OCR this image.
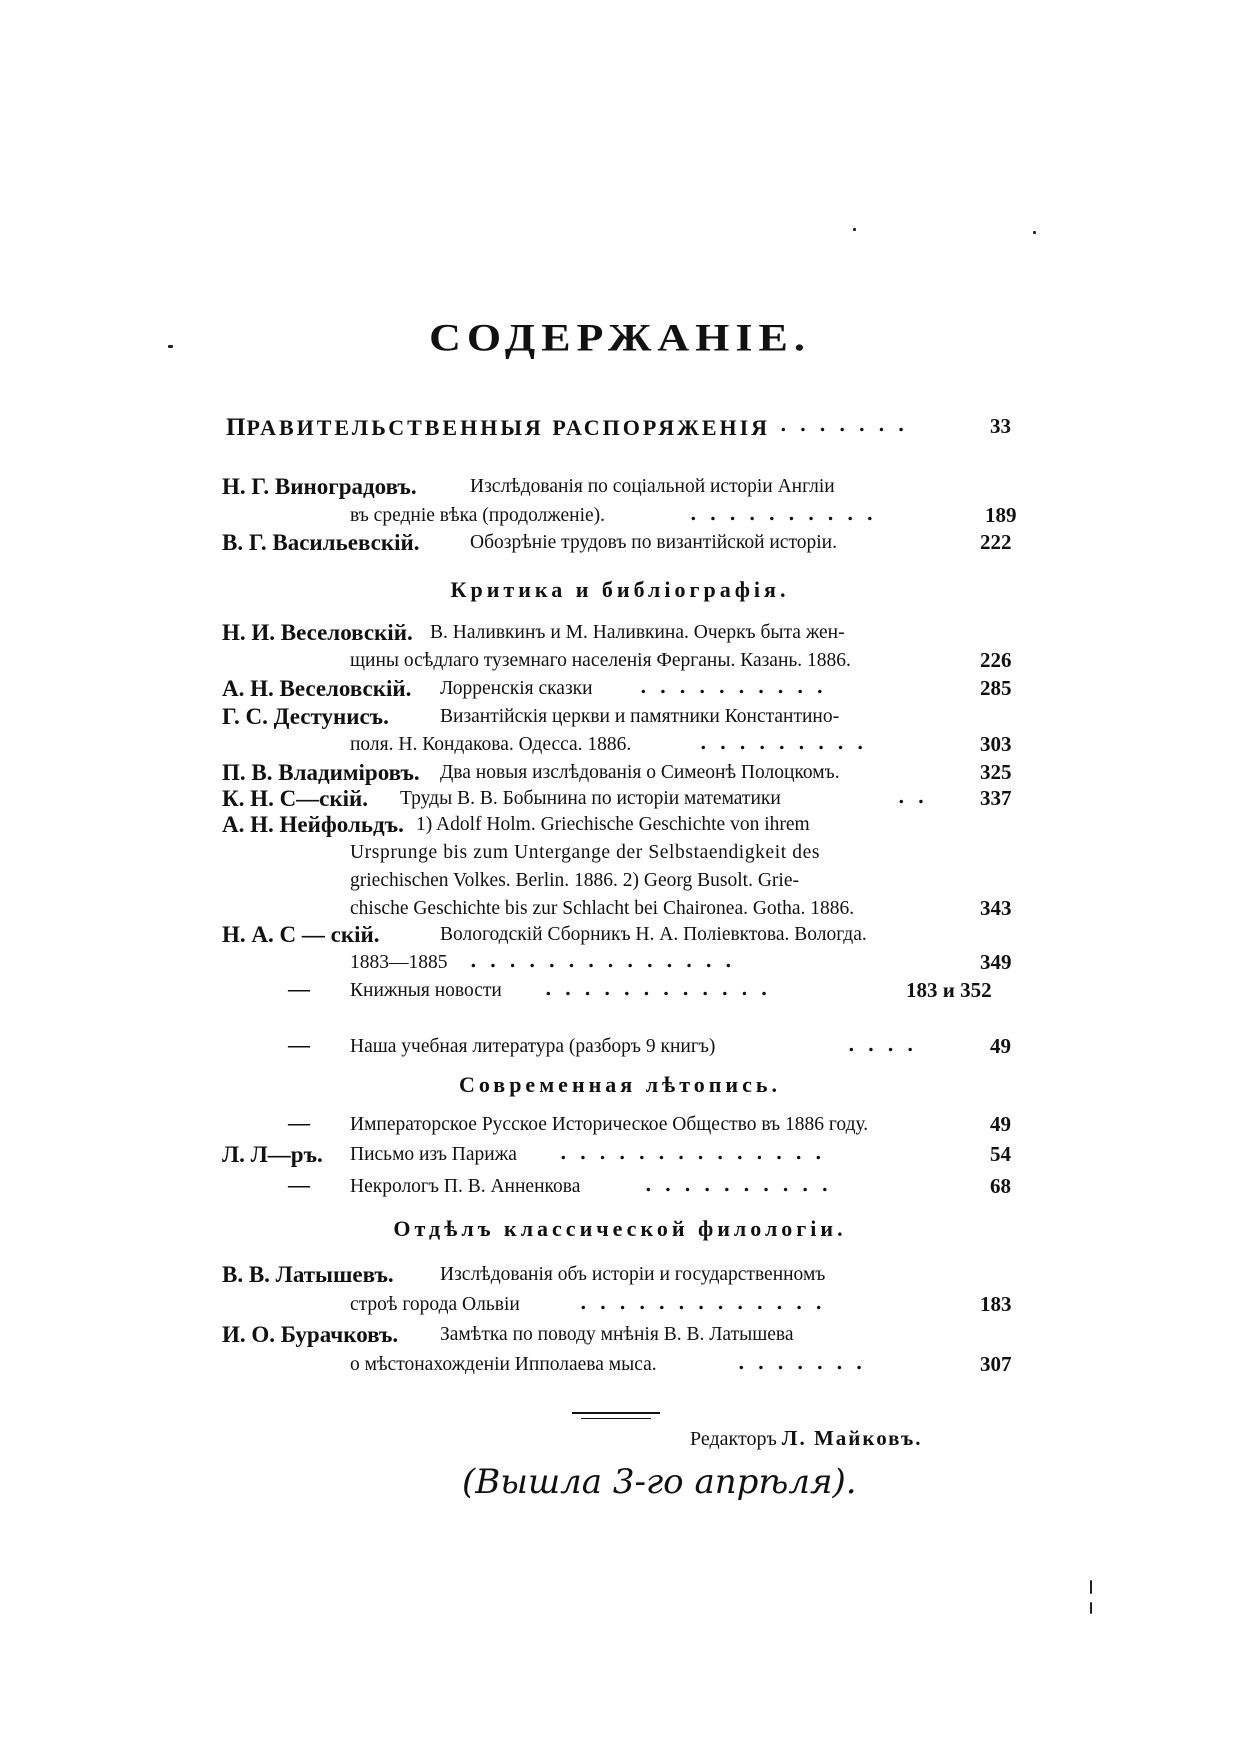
СОДЕРЖАНІЕ.
ПРАВИТЕЛЬСТВЕННЫЯ РАСПОРЯЖЕНІЯ .......	33
Н. Г. Виноградовъ.	Изслѣдованія по соціальной исторіи Англіи
въ средніе вѣка (продолженіе).	..........	189
В. Г. Васильевскій.	Обозрѣніе трудовъ по византійской исторіи.	222
Критика и библіографія.
Н. И. Веселовскій. В. Наливкинъ и М. Наливкина. Очеркъ быта жен-
щины осѣдлаго туземнаго населенія Ферганы. Казань. 1886.	226
А. Н. Веселовскій. Лорренскія сказки ..........	285
Г. С. Дестунисъ.	Византійскія церкви и памятники Константино-
поля. Н. Кондакова. Одесса. 1886.	.........	303
П. В. Владиміровъ. Два новыя изслѣдованія о Симеонѣ Полоцкомъ.	325
К. Н. С—скій. Труды В. В. Бобынина по исторіи математики	..	337
А. Н. Нейфольдъ. 1) Adolf Holm. Griechische Geschichte von ihrem
Ursprunge bis zum Untergange der Selbstaendigkeit des
griechischen Volkes. Berlin. 1886. 2) Georg Busolt. Grie-
chische Geschichte bis zur Schlacht bei Chaironea. Gotha. 1886.	343
Н. А. С — скій.	Вологодскій Сборникъ Н. А. Поліевктова. Вологда.
1883—1885 ..............	349
— Книжныя новости ............	183 и 352
— Наша учебная литература (разборъ 9 книгъ)	....	49
Современная лѣтопись.
— Императорское Русское Историческое Общество въ 1886 году.	49
Л. Л—ръ. Письмо изъ Парижа ..............	54
— Некрологъ П. В. Анненкова	..........	68
Отдѣлъ классической филологіи.
В. В. Латышевъ. Изслѣдованія объ исторіи и государственномъ
строѣ города Ольвіи	.............	183
И. О. Бурачковъ. Замѣтка по поводу мнѣнія В. В. Латышева
о мѣстонахожденіи Ипполаева мыса.	.......	307
Редакторъ Л. Майковъ.
(Вышла 3-го апрѣля).
